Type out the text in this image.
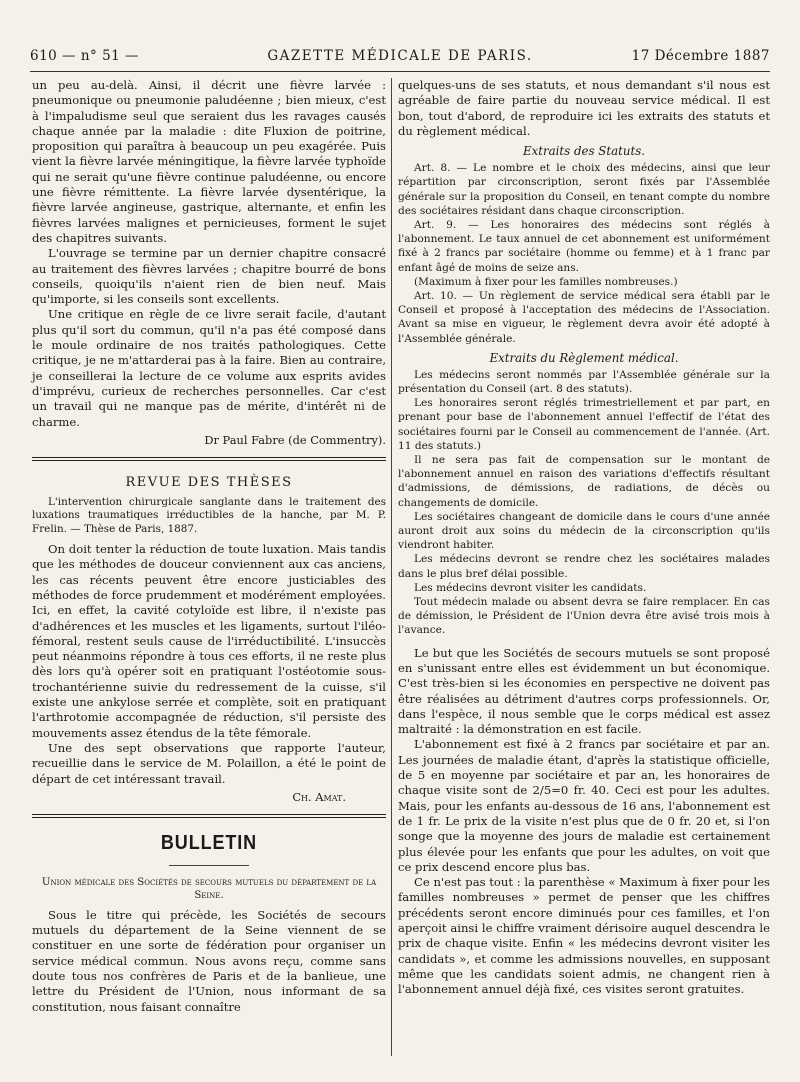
610 — n° 51 —	GAZETTE MÉDICALE DE PARIS.	17 Décembre 1887

un peu au-delà. Ainsi, il décrit une fièvre larvée : pneumonique ou pneumonie paludéenne ; bien mieux, c'est à l'impaludisme seul que seraient dus les ravages causés chaque année par la maladie : dite Fluxion de poitrine, proposition qui paraîtra à beaucoup un peu exagérée. Puis vient la fièvre larvée méningitique, la fièvre larvée typhoïde qui ne serait qu'une fièvre continue paludéenne, ou encore une fièvre rémittente. La fièvre larvée dysentérique, la fièvre larvée angineuse, gastrique, alternante, et enfin les fièvres larvées malignes et pernicieuses, forment le sujet des chapitres suivants.

L'ouvrage se termine par un dernier chapitre consacré au traitement des fièvres larvées ; chapitre bourré de bons conseils, quoiqu'ils n'aient rien de bien neuf. Mais qu'importe, si les conseils sont excellents.

Une critique en règle de ce livre serait facile, d'autant plus qu'il sort du commun, qu'il n'a pas été composé dans le moule ordinaire de nos traités pathologiques. Cette critique, je ne m'attarderai pas à la faire. Bien au contraire, je conseillerai la lecture de ce volume aux esprits avides d'imprévu, curieux de recherches personnelles. Car c'est un travail qui ne manque pas de mérite, d'intérêt ni de charme.

Dr Paul Fabre (de Commentry).
REVUE DES THÈSES

L'intervention chirurgicale sanglante dans le traitement des luxations traumatiques irréductibles de la hanche, par M. P. Frelin. — Thèse de Paris, 1887.

On doit tenter la réduction de toute luxation. Mais tandis que les méthodes de douceur conviennent aux cas anciens, les cas récents peuvent être encore justiciables des méthodes de force prudemment et modérément employées. Ici, en effet, la cavité cotyloïde est libre, il n'existe pas d'adhérences et les muscles et les ligaments, surtout l'iléo-fémoral, restent seuls cause de l'irréductibilité. L'insuccès peut néanmoins répondre à tous ces efforts, il ne reste plus dès lors qu'à opérer soit en pratiquant l'ostéotomie sous-trochantérienne suivie du redressement de la cuisse, s'il existe une ankylose serrée et complète, soit en pratiquant l'arthrotomie accompagnée de réduction, s'il persiste des mouvements assez étendus de la tête fémorale.

Une des sept observations que rapporte l'auteur, recueillie dans le service de M. Polaillon, a été le point de départ de cet intéressant travail.

Ch. Amat.
BULLETIN
Union médicale des Sociétés de secours mutuels du département de la Seine.

Sous le titre qui précède, les Sociétés de secours mutuels du département de la Seine viennent de se constituer en une sorte de fédération pour organiser un service médical commun. Nous avons reçu, comme sans doute tous nos confrères de Paris et de la banlieue, une lettre du Président de l'Union, nous informant de sa constitution, nous faisant connaître

quelques-uns de ses statuts, et nous demandant s'il nous est agréable de faire partie du nouveau service médical. Il est bon, tout d'abord, de reproduire ici les extraits des statuts et du règlement médical.

Extraits des Statuts.

Art. 8. — Le nombre et le choix des médecins, ainsi que leur répartition par circonscription, seront fixés par l'Assemblée générale sur la proposition du Conseil, en tenant compte du nombre des sociétaires résidant dans chaque circonscription.

Art. 9. — Les honoraires des médecins sont réglés à l'abonnement. Le taux annuel de cet abonnement est uniformément fixé à 2 francs par sociétaire (homme ou femme) et à 1 franc par enfant âgé de moins de seize ans.

(Maximum à fixer pour les familles nombreuses.)

Art. 10. — Un règlement de service médical sera établi par le Conseil et proposé à l'acceptation des médecins de l'Association. Avant sa mise en vigueur, le règlement devra avoir été adopté à l'Assemblée générale.

Extraits du Règlement médical.

Les médecins seront nommés par l'Assemblée générale sur la présentation du Conseil (art. 8 des statuts).

Les honoraires seront réglés trimestriellement et par part, en prenant pour base de l'abonnement annuel l'effectif de l'état des sociétaires fourni par le Conseil au commencement de l'année. (Art. 11 des statuts.)

Il ne sera pas fait de compensation sur le montant de l'abonnement annuel en raison des variations d'effectifs résultant d'admissions, de démissions, de radiations, de décès ou changements de domicile.

Les sociétaires changeant de domicile dans le cours d'une année auront droit aux soins du médecin de la circonscription qu'ils viendront habiter.

Les médecins devront se rendre chez les sociétaires malades dans le plus bref délai possible.

Les médecins devront visiter les candidats.

Tout médecin malade ou absent devra se faire remplacer. En cas de démission, le Président de l'Union devra être avisé trois mois à l'avance.

Le but que les Sociétés de secours mutuels se sont proposé en s'unissant entre elles est évidemment un but économique. C'est très-bien si les économies en perspective ne doivent pas être réalisées au détriment d'autres corps professionnels. Or, dans l'espèce, il nous semble que le corps médical est assez maltraité : la démonstration en est facile.

L'abonnement est fixé à 2 francs par sociétaire et par an. Les journées de maladie étant, d'après la statistique officielle, de 5 en moyenne par sociétaire et par an, les honoraires de chaque visite sont de 2/5=0 fr. 40. Ceci est pour les adultes. Mais, pour les enfants au-dessous de 16 ans, l'abonnement est de 1 fr. Le prix de la visite n'est plus que de 0 fr. 20 et, si l'on songe que la moyenne des jours de maladie est certainement plus élevée pour les enfants que pour les adultes, on voit que ce prix descend encore plus bas.

Ce n'est pas tout : la parenthèse « Maximum à fixer pour les familles nombreuses » permet de penser que les chiffres précédents seront encore diminués pour ces familles, et l'on aperçoit ainsi le chiffre vraiment dérisoire auquel descendra le prix de chaque visite. Enfin « les médecins devront visiter les candidats », et comme les admissions nouvelles, en supposant même que les candidats soient admis, ne changent rien à l'abonnement annuel déjà fixé, ces visites seront gratuites.
